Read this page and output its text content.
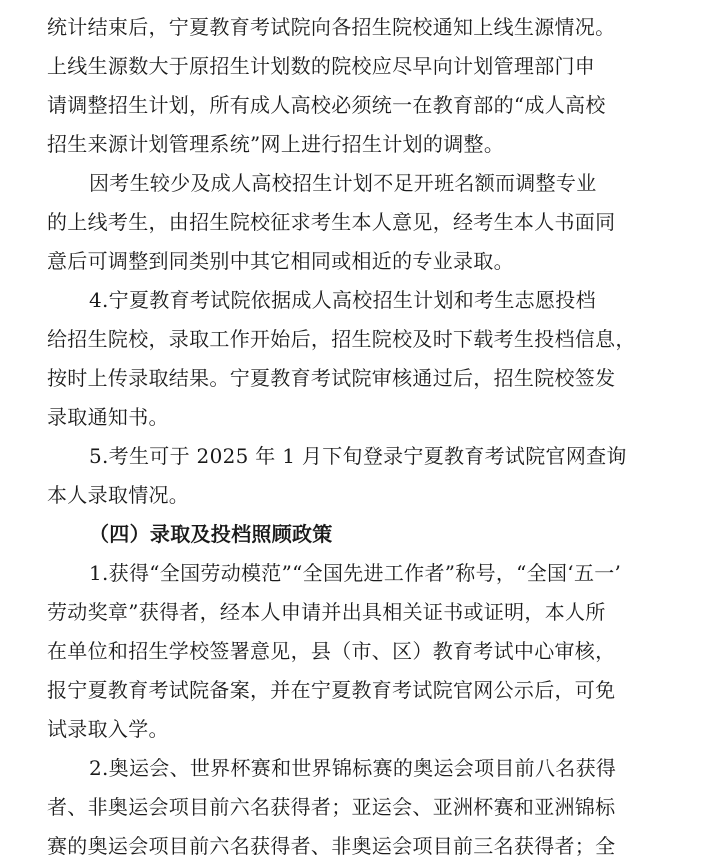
统计结束后，宁夏教育考试院向各招生院校通知上线生源情况。
上线生源数大于原招生计划数的院校应尽早向计划管理部门申
请调整招生计划，所有成人高校必须统一在教育部的“成人高校
招生来源计划管理系统”网上进行招生计划的调整。
因考生较少及成人高校招生计划不足开班名额而调整专业
的上线考生，由招生院校征求考生本人意见，经考生本人书面同
意后可调整到同类别中其它相同或相近的专业录取。
4.宁夏教育考试院依据成人高校招生计划和考生志愿投档
给招生院校，录取工作开始后，招生院校及时下载考生投档信息，
按时上传录取结果。宁夏教育考试院审核通过后，招生院校签发
录取通知书。
5.考生可于 2025 年 1 月下旬登录宁夏教育考试院官网查询
本人录取情况。
（四）录取及投档照顾政策
1.获得“全国劳动模范”“全国先进工作者”称号，“全国‘五一’
劳动奖章”获得者，经本人申请并出具相关证书或证明，本人所
在单位和招生学校签署意见，县（市、区）教育考试中心审核，
报宁夏教育考试院备案，并在宁夏教育考试院官网公示后，可免
试录取入学。
2.奥运会、世界杯赛和世界锦标赛的奥运会项目前八名获得
者、非奥运会项目前六名获得者；亚运会、亚洲杯赛和亚洲锦标
赛的奥运会项目前六名获得者、非奥运会项目前三名获得者；全
